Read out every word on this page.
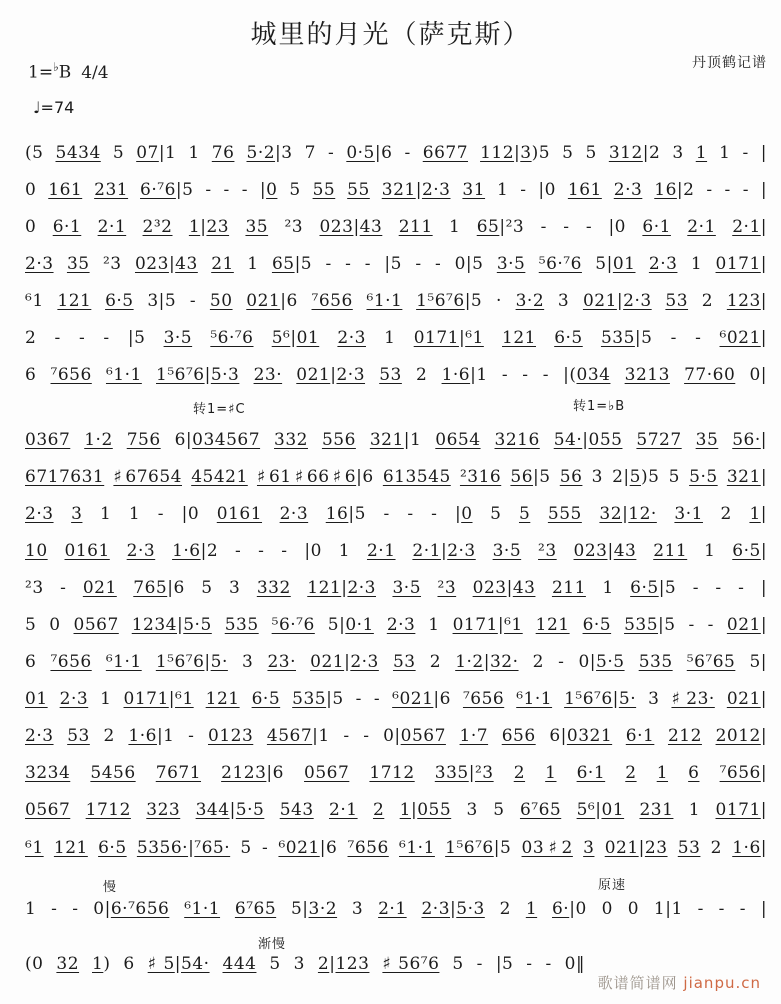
城里的月光（萨克斯）
丹顶鹤记谱
1=♭B 4/4
♩=74
(5 5434 5 07|1 1 76 5·2|3 7 - 0·5|6 - 6677 112|3)5 5 5 312|2 3 1 1 - |
0 161 231 6·⁷6|5 - - - |0 5 55 55 321|2·3 31 1 - |0 161 2·3 16|2 - - - |
0 6·1 2·1 2³2 1|23 35 ²3 023|43 211 1 65|²3 - - - |0 6·1 2·1 2·1|
2·3 35 ²3 023|43 21 1 65|5 - - - |5 - - 0|5 3·5 ⁵6·⁷6 5|01 2·3 1 0171|
⁶1 121 6·5 3|5 - 50 021|6 ⁷656 ⁶1·1 1⁵6⁷6|5 · 3·2 3 021|2·3 53 2 123|
2 - - - |5 3·5 ⁵6·⁷6 5⁶|01 2·3 1 0171|⁶1 121 6·5 535|5 - - ⁶021|
6 ⁷656 ⁶1·1 1⁵6⁷6|5·3 23· 021|2·3 53 2 1·6|1 - - - |(034 3213 77·60 0|
0367 1·2 756 6|034567 332 556 321|1 0654 3216 54·|055 5727 35 56·|
6717631 ♯67654 45421 ♯61♯66♯6|6 613545 ²316 56|5 56 3 2|5)5 5 5·5 321|
2·3 3 1 1 - |0 0161 2·3 16|5 - - - |0 5 5 555 32|12· 3·1 2 1|
10 0161 2·3 1·6|2 - - - |0 1 2·1 2·1|2·3 3·5 ²3 023|43 211 1 6·5|
²3 - 021 765|6 5 3 332 121|2·3 3·5 ²3 023|43 211 1 6·5|5 - - - |
5 0 0567 1234|5·5 535 ⁵6·⁷6 5|0·1 2·3 1 0171|⁶1 121 6·5 535|5 - - 021|
6 ⁷656 ⁶1·1 1⁵6⁷6|5· 3 23· 021|2·3 53 2 1·2|32· 2 - 0|5·5 535 ⁵6⁷65 5|
01 2·3 1 0171|⁶1 121 6·5 535|5 - - ⁶021|6 ⁷656 ⁶1·1 1⁵6⁷6|5· 3 ♯23· 021|
2·3 53 2 1·6|1 - 0123 4567|1 - - 0|0567 1·7 656 6|0321 6·1 212 2012|
3234 5456 7671 2123|6 0567 1712 335|²3 2 1 6·1 2 1 6 ⁷656|
0567 1712 323 344|5·5 543 2·1 2 1|055 3 5 6⁷65 5⁶|01 231 1 0171|
⁶1 121 6·5 5356·|⁷65· 5 - ⁶021|6 ⁷656 ⁶1·1 1⁵6⁷6|5 03♯2 3 021|23 53 2 1·6|
1 - - 0|6·⁷656 ⁶1·1 6⁷65 5|3·2 3 2·1 2·3|5·3 2 1 6·|0 0 0 1|1 - - - |
(0 32 1) 6 ♯5|54· 444 5 3 2|123 ♯56⁷6 5 - |5 - - 0‖
转1=♯C	转1=♭B
慢	原速
渐慢
歌谱简谱网 jianpu.cn
